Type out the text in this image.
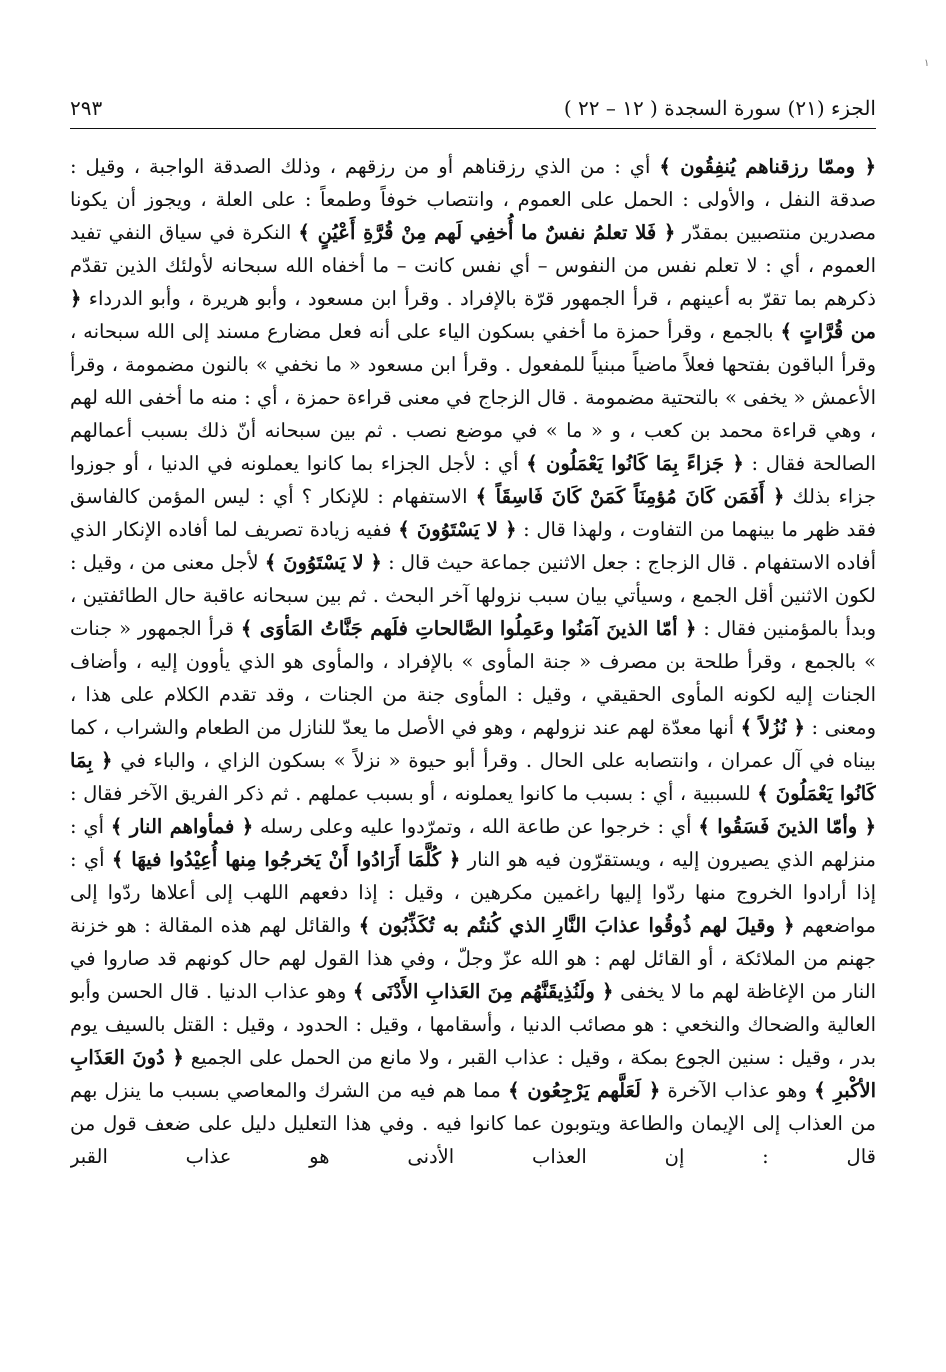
١
الجزء (٢١) سورة السجدة ( ١٢ – ٢٢ )
٢٩٣

﴿ وممّا رزقناهم يُنفِقُون ﴾ أي : من الذي رزقناهم أو من رزقهم ، وذلك الصدقة الواجبة ، وقيل : صدقة النفل ، والأولى : الحمل على العموم ، وانتصاب خوفاً وطمعاً : على العلة ، ويجوز أن يكونا مصدرين منتصبين بمقدّر ﴿ فَلا تعلمُ نفسٌ ما أُخفِي لَهم مِنْ قُرَّةِ أَعْيُنٍ ﴾ النكرة في سياق النفي تفيد العموم ، أي : لا تعلم نفس من النفوس – أي نفس كانت – ما أخفاه الله سبحانه لأولئك الذين تقدّم ذكرهم بما تقرّ به أعينهم ، قرأ الجمهور قرّة بالإفراد . وقرأ ابن مسعود ، وأبو هريرة ، وأبو الدرداء ﴿ من قُرَّاتٍ ﴾ بالجمع ، وقرأ حمزة ما أخفي بسكون الياء على أنه فعل مضارع مسند إلى الله سبحانه ، وقرأ الباقون بفتحها فعلاً ماضياً مبنياً للمفعول . وقرأ ابن مسعود « ما نخفي » بالنون مضمومة ، وقرأ الأعمش « يخفى » بالتحتية مضمومة . قال الزجاج في معنى قراءة حمزة ، أي : منه ما أخفى الله لهم ، وهي قراءة محمد بن كعب ، و « ما » في موضع نصب . ثم بين سبحانه أنّ ذلك بسبب أعمالهم الصالحة فقال : ﴿ جَزاءً بِمَا كَانُوا يَعْمَلُون ﴾ أي : لأجل الجزاء بما كانوا يعملونه في الدنيا ، أو جوزوا جزاء بذلك ﴿ أَفَمَن كَانَ مُؤمِنَاً كَمَنْ كَانَ فَاسِقَاً ﴾ الاستفهام : للإنكار ؟ أي : ليس المؤمن كالفاسق فقد ظهر ما بينهما من التفاوت ، ولهذا قال : ﴿ لا يَسْتَوُونَ ﴾ ففيه زيادة تصريف لما أفاده الإنكار الذي أفاده الاستفهام . قال الزجاج : جعل الاثنين جماعة حيث قال : ﴿ لا يَسْتَوُونَ ﴾ لأجل معنى من ، وقيل : لكون الاثنين أقل الجمع ، وسيأتي بيان سبب نزولها آخر البحث . ثم بين سبحانه عاقبة حال الطائفتين ، وبدأ بالمؤمنين فقال : ﴿ أمّا الذينَ آمَنُوا وعَمِلُوا الصَّالحاتِ فلَهم جَنَّاتُ المَأوَى ﴾ قرأ الجمهور « جنات » بالجمع ، وقرأ طلحة بن مصرف « جنة المأوى » بالإفراد ، والمأوى هو الذي يأوون إليه ، وأضاف الجنات إليه لكونه المأوى الحقيقي ، وقيل : المأوى جنة من الجنات ، وقد تقدم الكلام على هذا ، ومعنى : ﴿ نُزُلاً ﴾ أنها معدّة لهم عند نزولهم ، وهو في الأصل ما يعدّ للنازل من الطعام والشراب ، كما بيناه في آل عمران ، وانتصابه على الحال . وقرأ أبو حيوة « نزلاً » بسكون الزاي ، والباء في ﴿ بِمَا كَانُوا يَعْمَلُونَ ﴾ للسببية ، أي : بسبب ما كانوا يعملونه ، أو بسبب عملهم . ثم ذكر الفريق الآخر فقال : ﴿ وأمّا الذينَ فَسَقُوا ﴾ أي : خرجوا عن طاعة الله ، وتمرّدوا عليه وعلى رسله ﴿ فمأواهم النار ﴾ أي : منزلهم الذي يصيرون إليه ، ويستقرّون فيه هو النار ﴿ كُلَّمَا أَرَادُوا أَنْ يَخرجُوا مِنها أُعِيْدُوا فيهَا ﴾ أي : إذا أرادوا الخروج منها ردّوا إليها راغمين مكرهين ، وقيل : إذا دفعهم اللهب إلى أعلاها ردّوا إلى مواضعهم ﴿ وقيلَ لهم ذُوقُوا عذابَ النَّارِ الذي كُنتُم به تُكَذِّبُون ﴾ والقائل لهم هذه المقالة : هو خزنة جهنم من الملائكة ، أو القائل لهم : هو الله عزّ وجلّ ، وفي هذا القول لهم حال كونهم قد صاروا في النار من الإغاظة لهم ما لا يخفى ﴿ ولَنُذِيقَنَّهُم مِنَ العَذابِ الأَدْنَى ﴾ وهو عذاب الدنيا . قال الحسن وأبو العالية والضحاك والنخعي : هو مصائب الدنيا ، وأسقامها ، وقيل : الحدود ، وقيل : القتل بالسيف يوم بدر ، وقيل : سنين الجوع بمكة ، وقيل : عذاب القبر ، ولا مانع من الحمل على الجميع ﴿ دُونَ العَذَابِ الأكْبرِ ﴾ وهو عذاب الآخرة ﴿ لَعَلَّهم يَرْجِعُون ﴾ مما هم فيه من الشرك والمعاصي بسبب ما ينزل بهم من العذاب إلى الإيمان والطاعة ويتوبون عما كانوا فيه . وفي هذا التعليل دليل على ضعف قول من قال : إن العذاب الأدنى هو عذاب القبر
